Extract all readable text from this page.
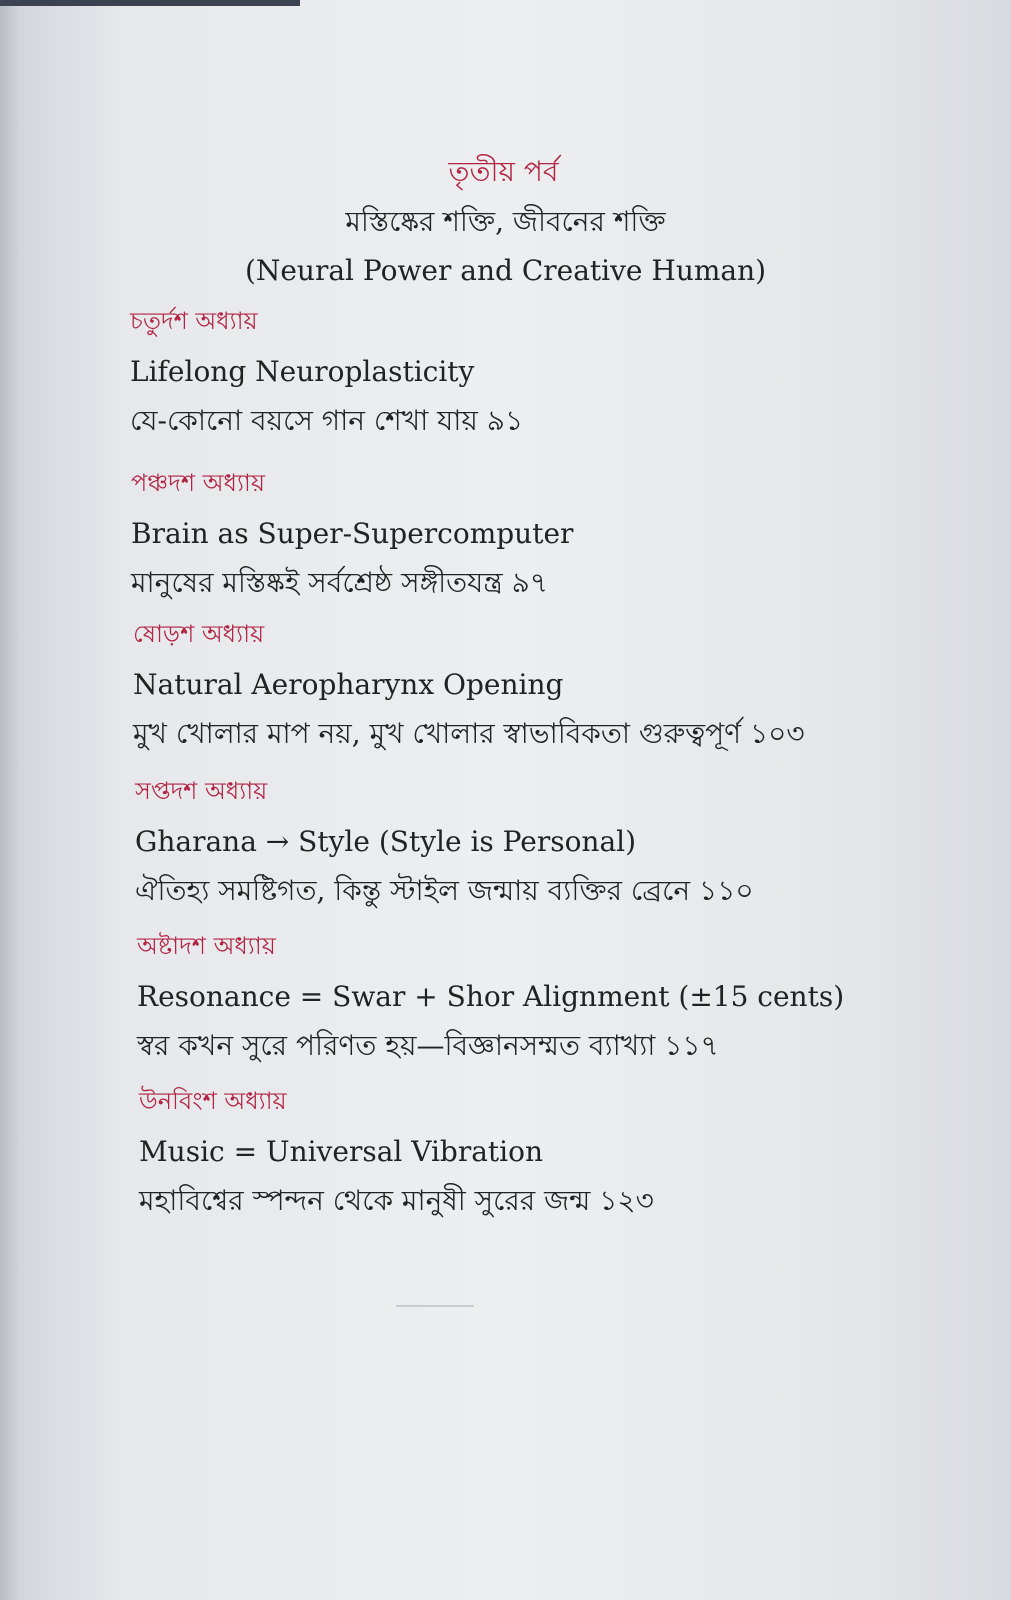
তৃতীয় পর্ব
মস্তিষ্কের শক্তি, জীবনের শক্তি
(Neural Power and Creative Human)
চতুর্দশ অধ্যায়
Lifelong Neuroplasticity
যে-কোনো বয়সে গান শেখা যায় ৯১
পঞ্চদশ অধ্যায়
Brain as Super-Supercomputer
মানুষের মস্তিষ্কই সর্বশ্রেষ্ঠ সঙ্গীতযন্ত্র ৯৭
ষোড়শ অধ্যায়
Natural Aeropharynx Opening
মুখ খোলার মাপ নয়, মুখ খোলার স্বাভাবিকতা গুরুত্বপূর্ণ ১০৩
সপ্তদশ অধ্যায়
Gharana → Style (Style is Personal)
ঐতিহ্য সমষ্টিগত, কিন্তু স্টাইল জন্মায় ব্যক্তির ব্রেনে ১১০
অষ্টাদশ অধ্যায়
Resonance = Swar + Shor Alignment (±15 cents)
স্বর কখন সুরে পরিণত হয়—বিজ্ঞানসম্মত ব্যাখ্যা ১১৭
উনবিংশ অধ্যায়
Music = Universal Vibration
মহাবিশ্বের স্পন্দন থেকে মানুষী সুরের জন্ম ১২৩
